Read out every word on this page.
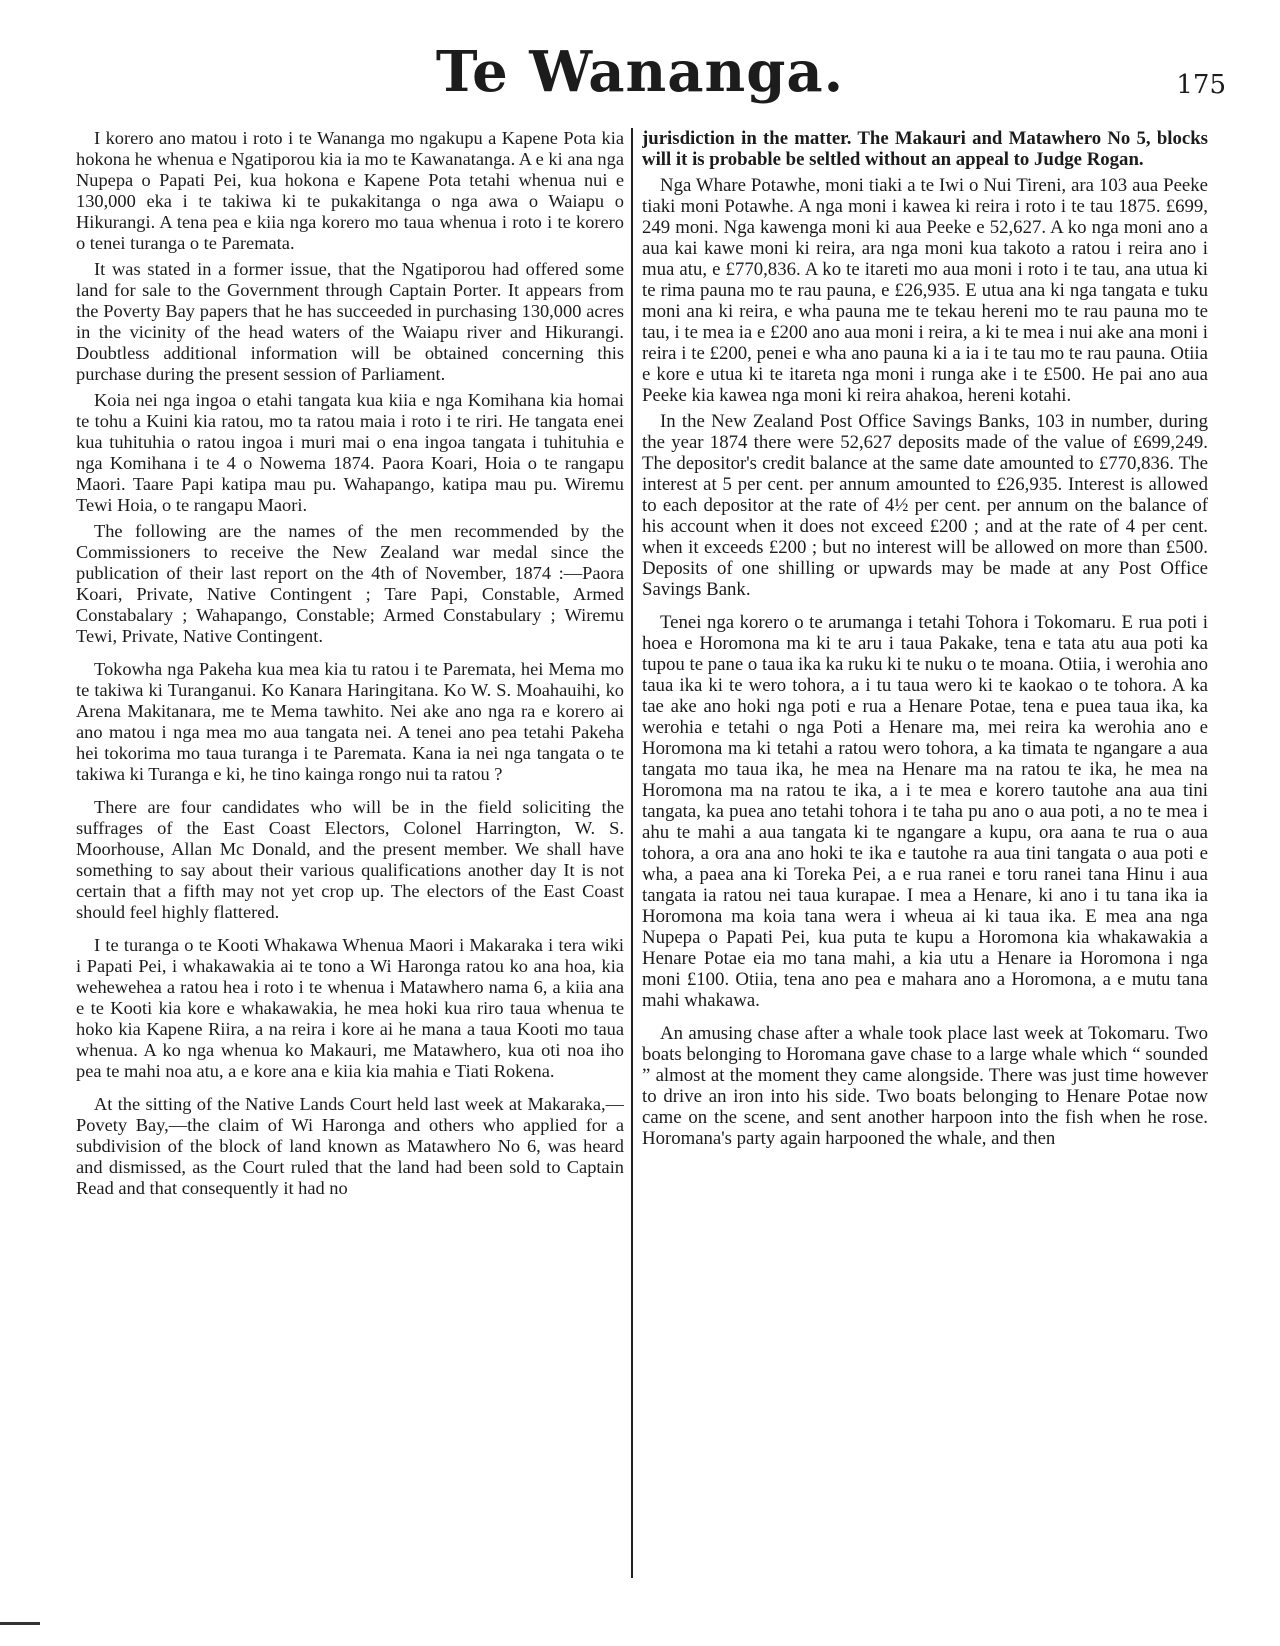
Te Wananga.	175

I korero ano matou i roto i te Wananga mo ngakupu a Kapene Pota kia hokona he whenua e Ngatiporou kia ia mo te Kawanatanga. A e ki ana nga Nupepa o Papati Pei, kua hokona e Kapene Pota tetahi whenua nui e 130,000 eka i te takiwa ki te pukakitanga o nga awa o Waiapu o Hikurangi. A tena pea e kiia nga korero mo taua whenua i roto i te korero o tenei turanga o te Paremata.

It was stated in a former issue, that the Ngatiporou had offered some land for sale to the Government through Captain Porter. It appears from the Poverty Bay papers that he has succeeded in purchasing 130,000 acres in the vicinity of the head waters of the Waiapu river and Hikurangi. Doubtless additional information will be obtained concerning this purchase during the present session of Parliament.

Koia nei nga ingoa o etahi tangata kua kiia e nga Komihana kia homai te tohu a Kuini kia ratou, mo ta ratou maia i roto i te riri. He tangata enei kua tuhituhia o ratou ingoa i muri mai o ena ingoa tangata i tuhituhia e nga Komihana i te 4 o Nowema 1874. Paora Koari, Hoia o te rangapu Maori. Taare Papi katipa mau pu. Wahapango, katipa mau pu. Wiremu Tewi Hoia, o te rangapu Maori.

The following are the names of the men recommended by the Commissioners to receive the New Zealand war medal since the publication of their last report on the 4th of November, 1874 :—Paora Koari, Private, Native Contingent ; Tare Papi, Constable, Armed Constabalary ; Wahapango, Constable; Armed Constabulary ; Wiremu Tewi, Private, Native Contingent.

Tokowha nga Pakeha kua mea kia tu ratou i te Paremata, hei Mema mo te takiwa ki Turanganui. Ko Kanara Haringitana. Ko W. S. Moahauihi, ko Arena Makitanara, me te Mema tawhito. Nei ake ano nga ra e korero ai ano matou i nga mea mo aua tangata nei. A tenei ano pea tetahi Pakeha hei tokorima mo taua turanga i te Paremata. Kana ia nei nga tangata o te takiwa ki Turanga e ki, he tino kainga rongo nui ta ratou ?

There are four candidates who will be in the field soliciting the suffrages of the East Coast Electors, Colonel Harrington, W. S. Moorhouse, Allan Mc Donald, and the present member. We shall have something to say about their various qualifications another day It is not certain that a fifth may not yet crop up. The electors of the East Coast should feel highly flattered.

I te turanga o te Kooti Whakawa Whenua Maori i Makaraka i tera wiki i Papati Pei, i whakawakia ai te tono a Wi Haronga ratou ko ana hoa, kia wehewehea a ratou hea i roto i te whenua i Matawhero nama 6, a kiia ana e te Kooti kia kore e whakawakia, he mea hoki kua riro taua whenua te hoko kia Kapene Riira, a na reira i kore ai he mana a taua Kooti mo taua whenua. A ko nga whenua ko Makauri, me Matawhero, kua oti noa iho pea te mahi noa atu, a e kore ana e kiia kia mahia e Tiati Rokena.

At the sitting of the Native Lands Court held last week at Makaraka,—Povety Bay,—the claim of Wi Haronga and others who applied for a subdivision of the block of land known as Matawhero No 6, was heard and dismissed, as the Court ruled that the land had been sold to Captain Read and that consequently it had no

jurisdiction in the matter. The Makauri and Matawhero No 5, blocks will it is probable be seltled without an appeal to Judge Rogan.

Nga Whare Potawhe, moni tiaki a te Iwi o Nui Tireni, ara 103 aua Peeke tiaki moni Potawhe. A nga moni i kawea ki reira i roto i te tau 1875. £699, 249 moni. Nga kawenga moni ki aua Peeke e 52,627. A ko nga moni ano a aua kai kawe moni ki reira, ara nga moni kua takoto a ratou i reira ano i mua atu, e £770,836. A ko te itareti mo aua moni i roto i te tau, ana utua ki te rima pauna mo te rau pauna, e £26,935. E utua ana ki nga tangata e tuku moni ana ki reira, e wha pauna me te tekau hereni mo te rau pauna mo te tau, i te mea ia e £200 ano aua moni i reira, a ki te mea i nui ake ana moni i reira i te £200, penei e wha ano pauna ki a ia i te tau mo te rau pauna. Otiia e kore e utua ki te itareta nga moni i runga ake i te £500. He pai ano aua Peeke kia kawea nga moni ki reira ahakoa, hereni kotahi.

In the New Zealand Post Office Savings Banks, 103 in number, during the year 1874 there were 52,627 deposits made of the value of £699,249. The depositor's credit balance at the same date amounted to £770,836. The interest at 5 per cent. per annum amounted to £26,935. Interest is allowed to each depositor at the rate of 4½ per cent. per annum on the balance of his account when it does not exceed £200 ; and at the rate of 4 per cent. when it exceeds £200 ; but no interest will be allowed on more than £500. Deposits of one shilling or upwards may be made at any Post Office Savings Bank.

Tenei nga korero o te arumanga i tetahi Tohora i Tokomaru. E rua poti i hoea e Horomona ma ki te aru i taua Pakake, tena e tata atu aua poti ka tupou te pane o taua ika ka ruku ki te nuku o te moana. Otiia, i werohia ano taua ika ki te wero tohora, a i tu taua wero ki te kaokao o te tohora. A ka tae ake ano hoki nga poti e rua a Henare Potae, tena e puea taua ika, ka werohia e tetahi o nga Poti a Henare ma, mei reira ka werohia ano e Horomona ma ki tetahi a ratou wero tohora, a ka timata te ngangare a aua tangata mo taua ika, he mea na Henare ma na ratou te ika, he mea na Horomona ma na ratou te ika, a i te mea e korero tautohe ana aua tini tangata, ka puea ano tetahi tohora i te taha pu ano o aua poti, a no te mea i ahu te mahi a aua tangata ki te ngangare a kupu, ora aana te rua o aua tohora, a ora ana ano hoki te ika e tautohe ra aua tini tangata o aua poti e wha, a paea ana ki Toreka Pei, a e rua ranei e toru ranei tana Hinu i aua tangata ia ratou nei taua kurapae. I mea a Henare, ki ano i tu tana ika ia Horomona ma koia tana wera i wheua ai ki taua ika. E mea ana nga Nupepa o Papati Pei, kua puta te kupu a Horomona kia whakawakia a Henare Potae eia mo tana mahi, a kia utu a Henare ia Horomona i nga moni £100. Otiia, tena ano pea e mahara ano a Horomona, a e mutu tana mahi whakawa.

An amusing chase after a whale took place last week at Tokomaru. Two boats belonging to Horomana gave chase to a large whale which “ sounded ” almost at the moment they came alongside. There was just time however to drive an iron into his side. Two boats belonging to Henare Potae now came on the scene, and sent another harpoon into the fish when he rose. Horomana's party again harpooned the whale, and then
